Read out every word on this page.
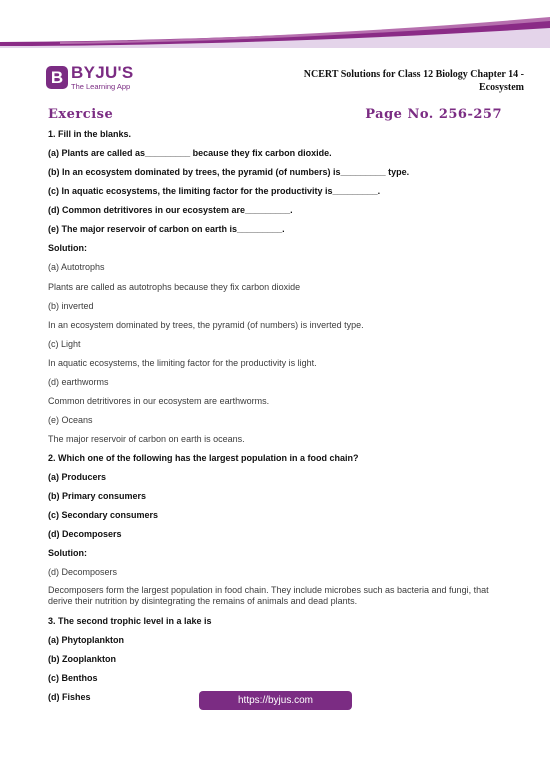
B BYJU'S
The Learning App
NCERT Solutions for Class 12 Biology Chapter 14 - Ecosystem
Exercise	Page No. 256-257
1. Fill in the blanks.
(a) Plants are called as_________ because they fix carbon dioxide.
(b) In an ecosystem dominated by trees, the pyramid (of numbers) is_________ type.
(c) In aquatic ecosystems, the limiting factor for the productivity is_________.
(d) Common detritivores in our ecosystem are_________.
(e) The major reservoir of carbon on earth is_________.
Solution:
(a) Autotrophs
Plants are called as autotrophs because they fix carbon dioxide
(b) inverted
In an ecosystem dominated by trees, the pyramid (of numbers) is inverted type.
(c) Light
In aquatic ecosystems, the limiting factor for the productivity is light.
(d) earthworms
Common detritivores in our ecosystem are earthworms.
(e) Oceans
The major reservoir of carbon on earth is oceans.
2. Which one of the following has the largest population in a food chain?
(a) Producers
(b) Primary consumers
(c) Secondary consumers
(d) Decomposers
Solution:
(d) Decomposers
Decomposers form the largest population in food chain. They include microbes such as bacteria and fungi, that derive their nutrition by disintegrating the remains of animals and dead plants.
3. The second trophic level in a lake is
(a) Phytoplankton
(b) Zooplankton
(c) Benthos
(d) Fishes	https://byjus.com
